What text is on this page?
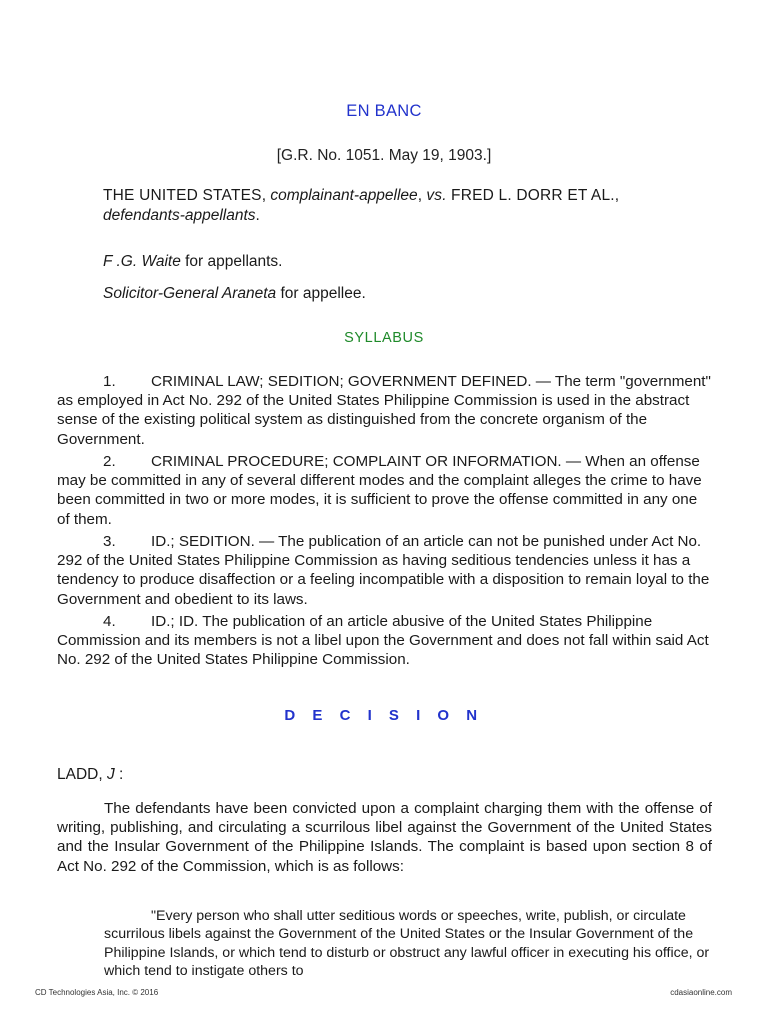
EN BANC
[G.R. No. 1051. May 19, 1903.]
THE UNITED STATES, complainant-appellee, vs. FRED L. DORR ET AL.,
defendants-appellants.
F .G. Waite for appellants.
Solicitor-General Araneta for appellee.
SYLLABUS

1. CRIMINAL LAW; SEDITION; GOVERNMENT DEFINED. — The term "government" as employed in Act No. 292 of the United States Philippine Commission is used in the abstract sense of the existing political system as distinguished from the concrete organism of the Government.

2. CRIMINAL PROCEDURE; COMPLAINT OR INFORMATION. — When an offense may be committed in any of several different modes and the complaint alleges the crime to have been committed in two or more modes, it is sufficient to prove the offense committed in any one of them.

3. ID.; SEDITION. — The publication of an article can not be punished under Act No. 292 of the United States Philippine Commission as having seditious tendencies unless it has a tendency to produce disaffection or a feeling incompatible with a disposition to remain loyal to the Government and obedient to its laws.

4. ID.; ID. The publication of an article abusive of the United States Philippine Commission and its members is not a libel upon the Government and does not fall within said Act No. 292 of the United States Philippine Commission.

D E C I S I O N
LADD, J :

The defendants have been convicted upon a complaint charging them with the offense of writing, publishing, and circulating a scurrilous libel against the Government of the United States and the Insular Government of the Philippine Islands. The complaint is based upon section 8 of Act No. 292 of the Commission, which is as follows:

"Every person who shall utter seditious words or speeches, write, publish, or circulate scurrilous libels against the Government of the United States or the Insular Government of the Philippine Islands, or which tend to disturb or obstruct any lawful officer in executing his office, or which tend to instigate others to

CD Technologies Asia, Inc. © 2016	cdasiaonline.com
